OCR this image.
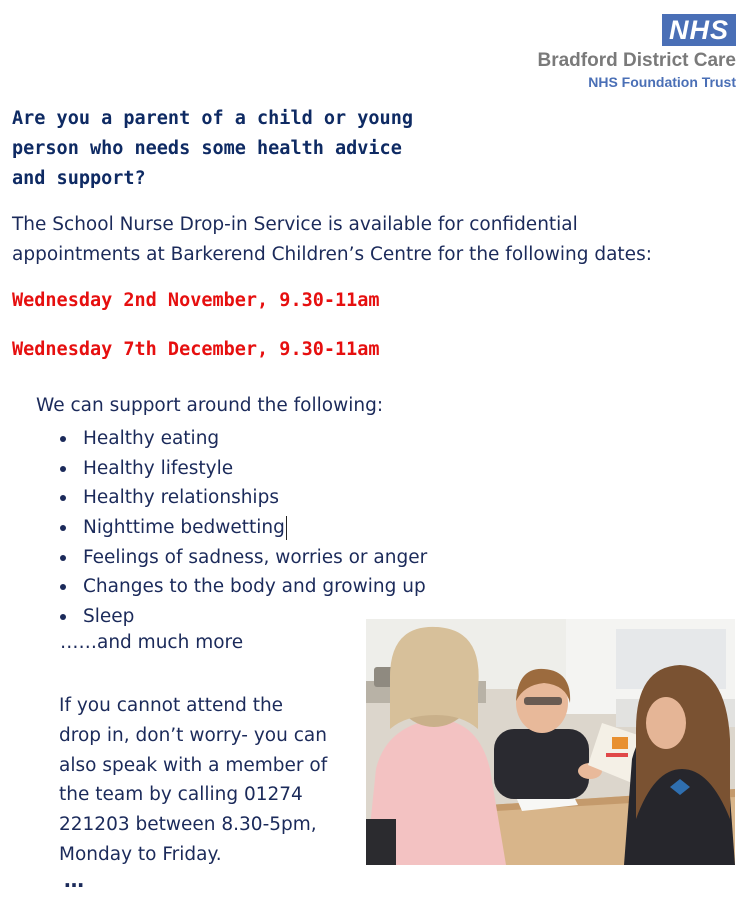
NHS
Bradford District Care
NHS Foundation Trust
Are you a parent of a child or young
person who needs some health advice
and support?
The School Nurse Drop-in Service is available for confidential
appointments at Barkerend Children’s Centre for the following dates:
Wednesday 2nd November, 9.30-11am
Wednesday 7th December, 9.30-11am
We can support around the following:
Healthy eating
Healthy lifestyle
Healthy relationships
Nighttime bedwetting
Feelings of sadness, worries or anger
Changes to the body and growing up
Sleep
……and much more
If you cannot attend the
drop in, don’t worry- you can
also speak with a member of
the team by calling 01274
221203 between 8.30-5pm,
Monday to Friday.
…
